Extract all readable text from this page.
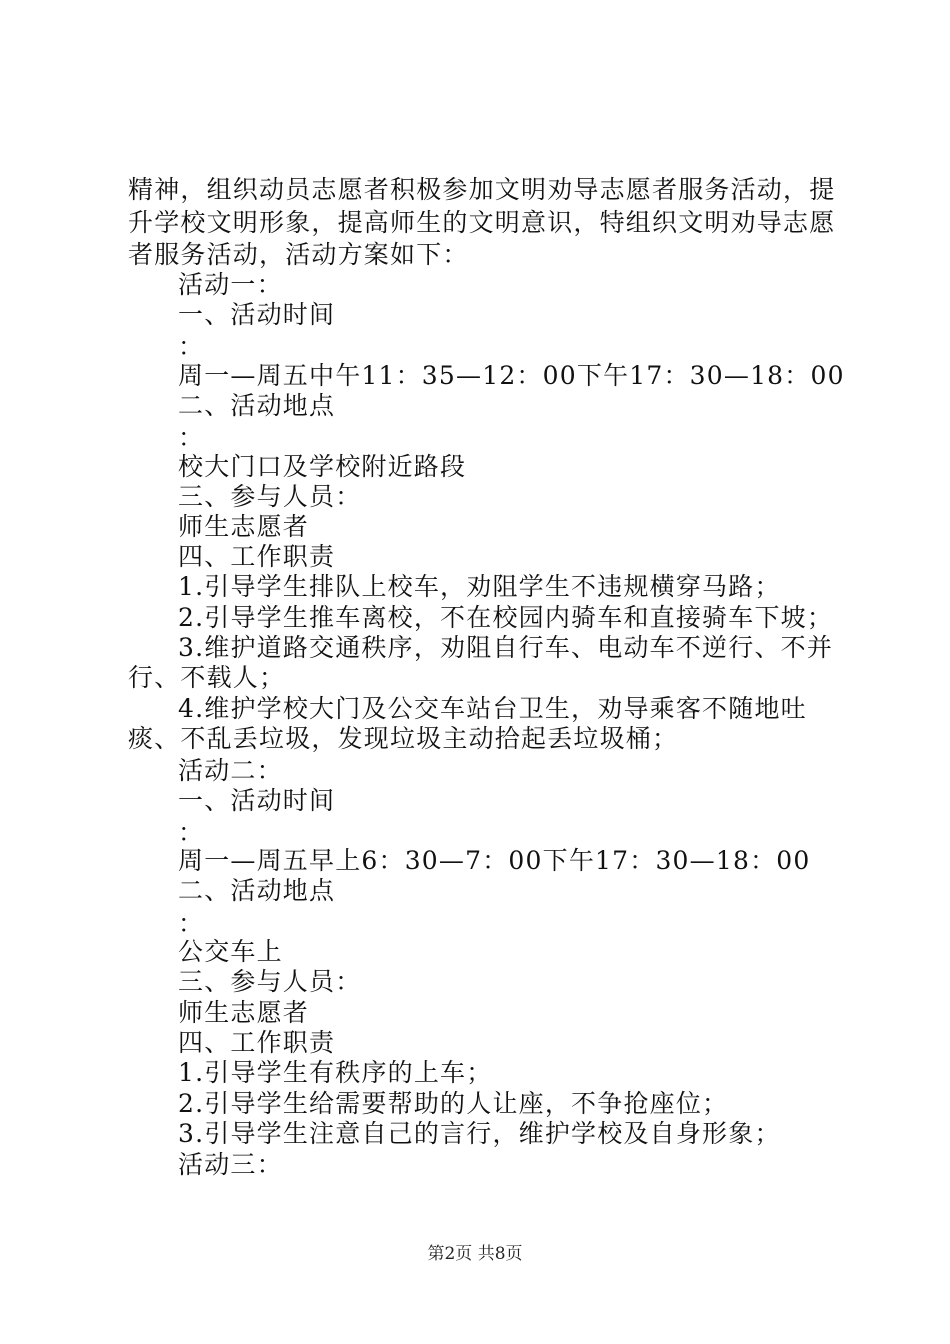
精神，组织动员志愿者积极参加文明劝导志愿者服务活动，提升学校文明形象，提高师生的文明意识，特组织文明劝导志愿者服务活动，活动方案如下：

活动一：
一、活动时间
：
周一—周五中午11：35—12：00下午17：30—18：00
二、活动地点
：
校大门口及学校附近路段
三、参与人员：
师生志愿者
四、工作职责
1.引导学生排队上校车，劝阻学生不违规横穿马路；
2.引导学生推车离校，不在校园内骑车和直接骑车下坡；

3.维护道路交通秩序，劝阻自行车、电动车不逆行、不并行、不载人；

4.维护学校大门及公交车站台卫生，劝导乘客不随地吐痰、不乱丢垃圾，发现垃圾主动拾起丢垃圾桶；

活动二：
一、活动时间
：
周一—周五早上6：30—7：00下午17：30—18：00
二、活动地点
：
公交车上
三、参与人员：
师生志愿者
四、工作职责
1.引导学生有秩序的上车；
2.引导学生给需要帮助的人让座，不争抢座位；
3.引导学生注意自己的言行，维护学校及自身形象；
活动三：
第2页 共8页
